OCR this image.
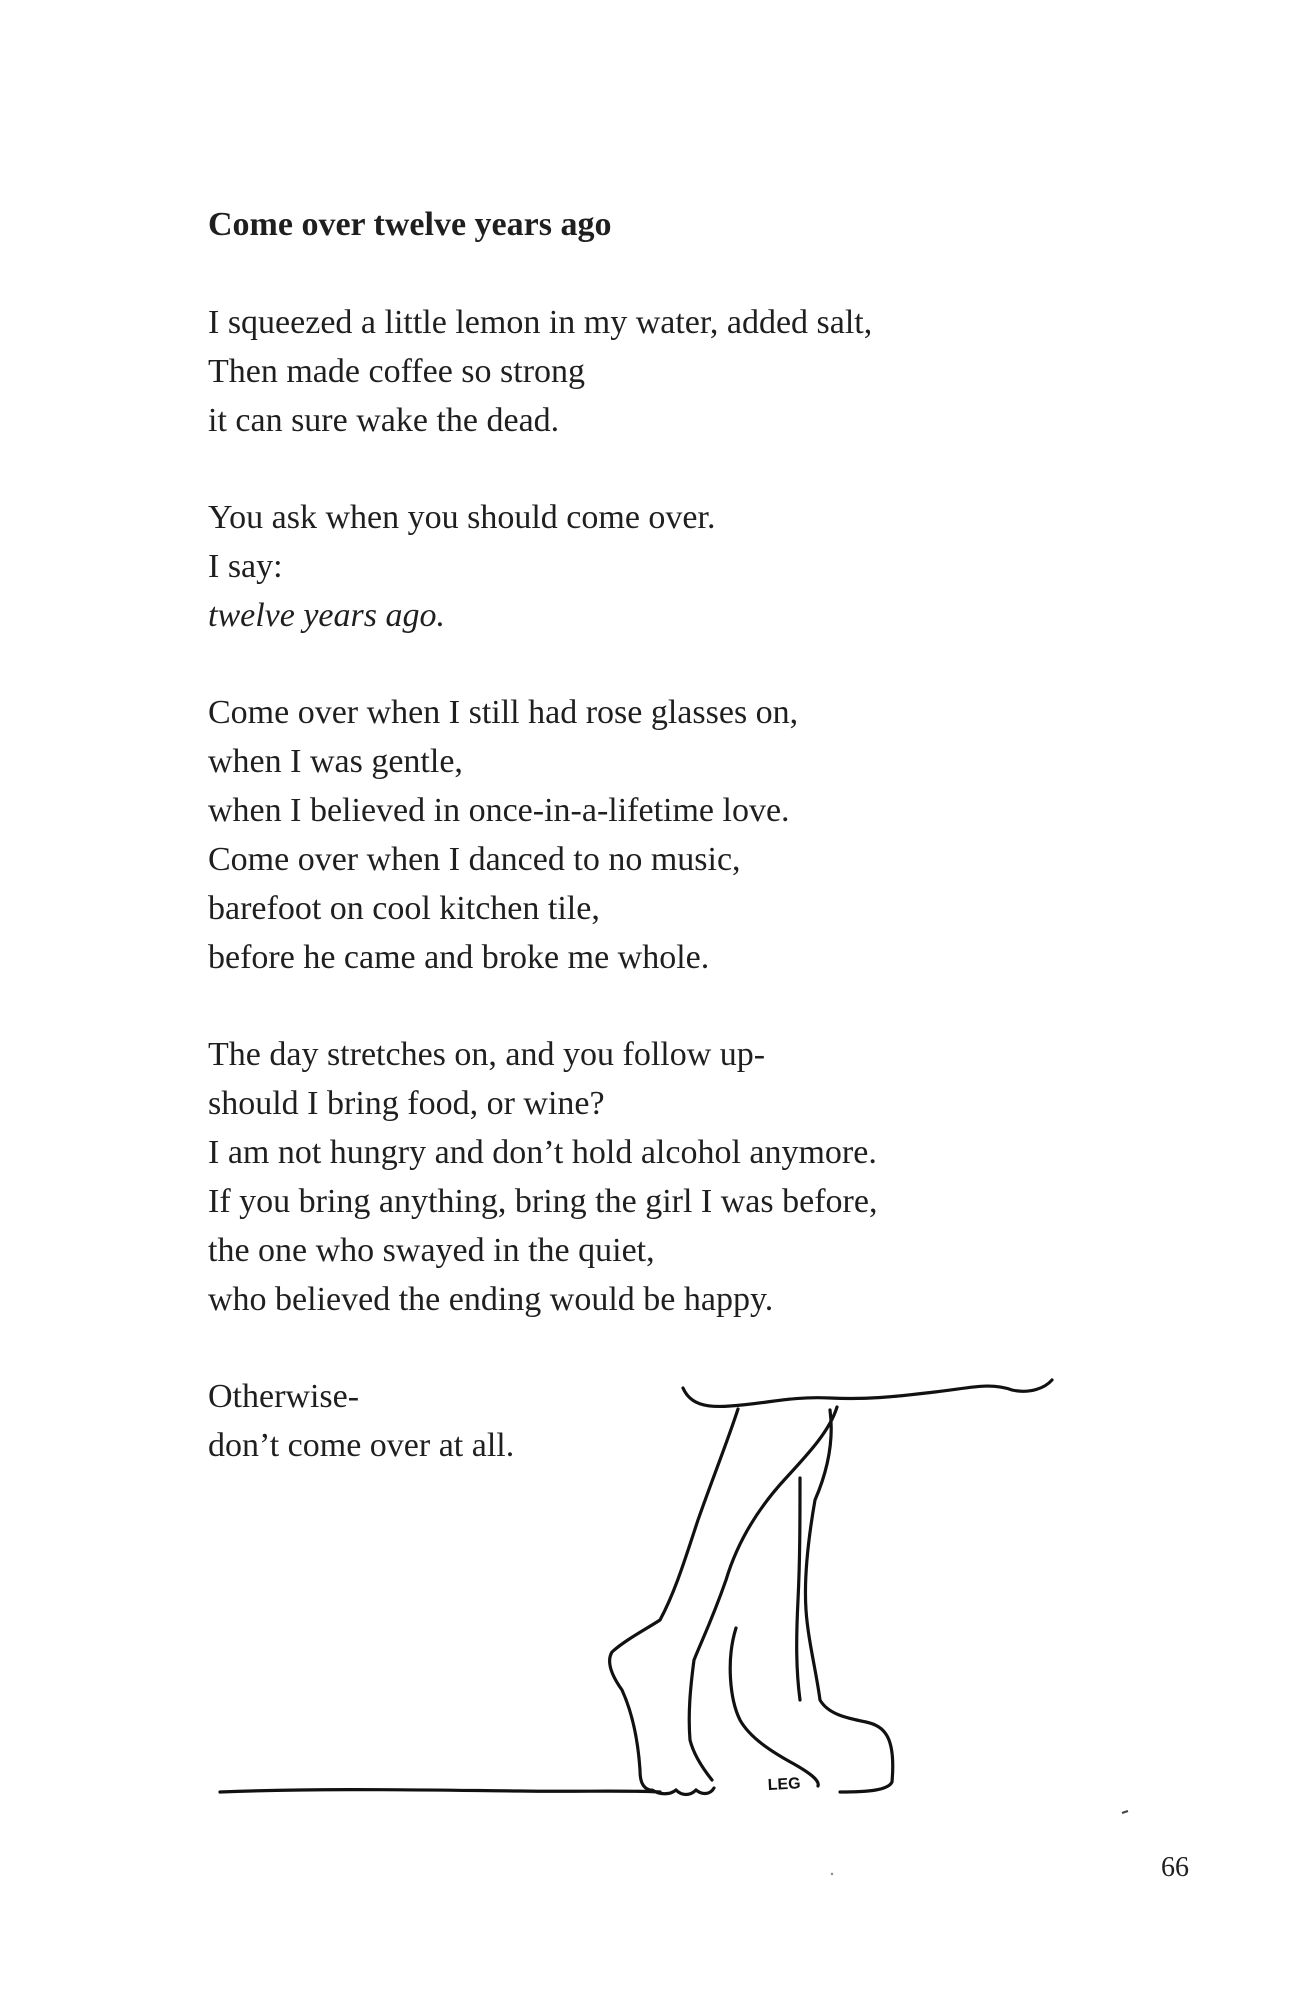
Come over twelve years ago

I squeezed a little lemon in my water, added salt,
Then made coffee so strong
it can sure wake the dead.

You ask when you should come over.
I say:
twelve years ago.

Come over when I still had rose glasses on,
when I was gentle,
when I believed in once-in-a-lifetime love.
Come over when I danced to no music,
barefoot on cool kitchen tile,
before he came and broke me whole.

The day stretches on, and you follow up-
should I bring food, or wine?
I am not hungry and don’t hold alcohol anymore.
If you bring anything, bring the girl I was before,
the one who swayed in the quiet,
who believed the ending would be happy.

Otherwise-
don’t come over at all.

LEG
66
